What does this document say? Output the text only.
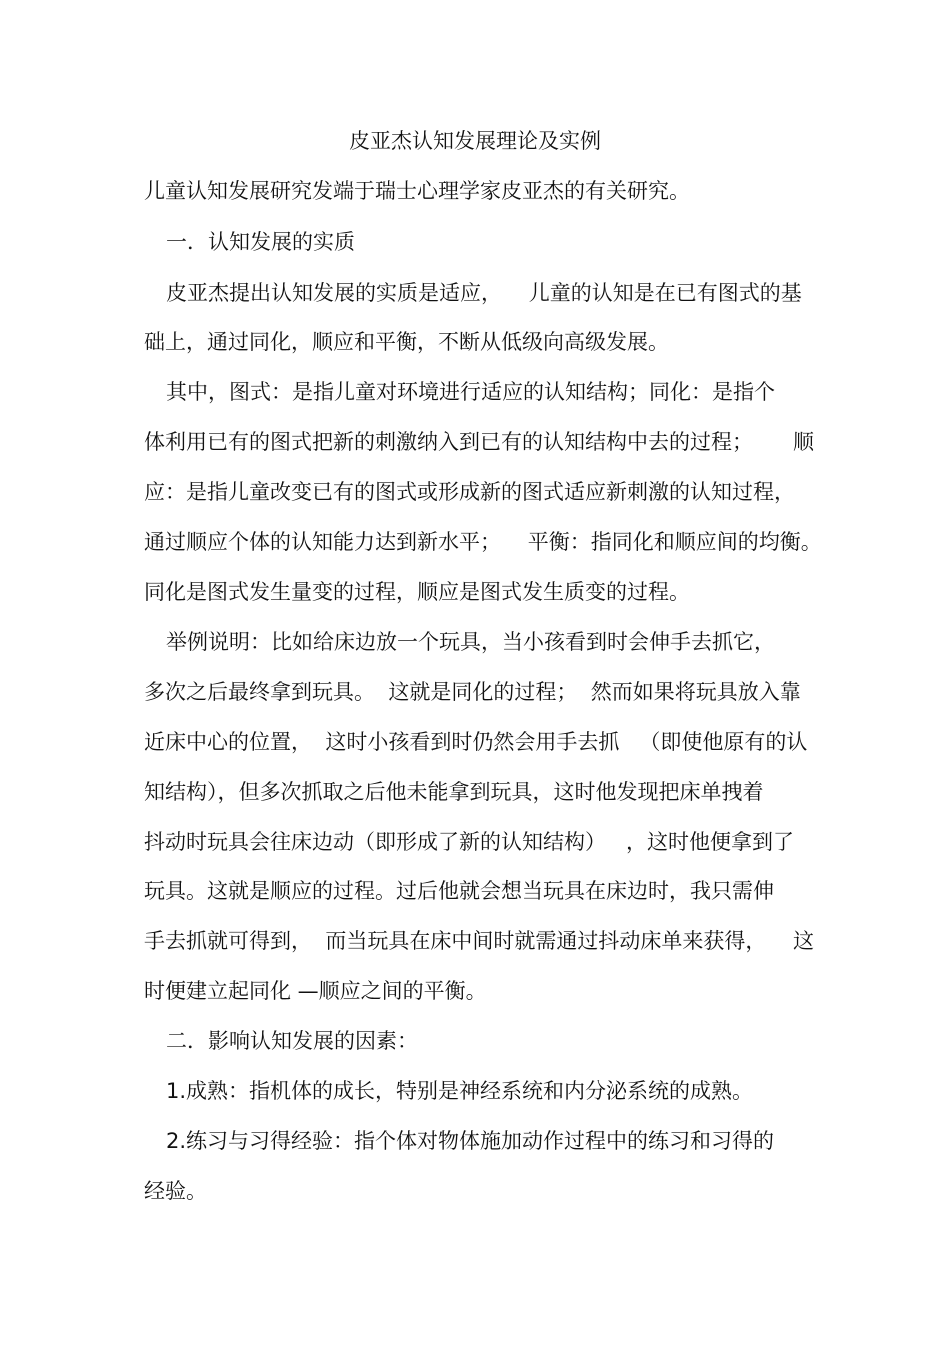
皮亚杰认知发展理论及实例
儿童认知发展研究发端于瑞士心理学家皮亚杰的有关研究。
一．认知发展的实质
皮亚杰提出认知发展的实质是适应，    儿童的认知是在已有图式的基
础上，通过同化，顺应和平衡，不断从低级向高级发展。
其中，图式：是指儿童对环境进行适应的认知结构；同化：是指个
体利用已有的图式把新的刺激纳入到已有的认知结构中去的过程；      顺
应：是指儿童改变已有的图式或形成新的图式适应新刺激的认知过程，
通过顺应个体的认知能力达到新水平；    平衡：指同化和顺应间的均衡。
同化是图式发生量变的过程，顺应是图式发生质变的过程。
举例说明：比如给床边放一个玩具，当小孩看到时会伸手去抓它，
多次之后最终拿到玩具。  这就是同化的过程；  然而如果将玩具放入靠
近床中心的位置，  这时小孩看到时仍然会用手去抓   （即使他原有的认
知结构），但多次抓取之后他未能拿到玩具，这时他发现把床单拽着
抖动时玩具会往床边动（即形成了新的认知结构）   ，这时他便拿到了
玩具。这就是顺应的过程。过后他就会想当玩具在床边时，我只需伸
手去抓就可得到，  而当玩具在床中间时就需通过抖动床单来获得，    这
时便建立起同化 —顺应之间的平衡。
二．影响认知发展的因素：
1.成熟：指机体的成长，特别是神经系统和内分泌系统的成熟。
2.练习与习得经验：指个体对物体施加动作过程中的练习和习得的
经验。
